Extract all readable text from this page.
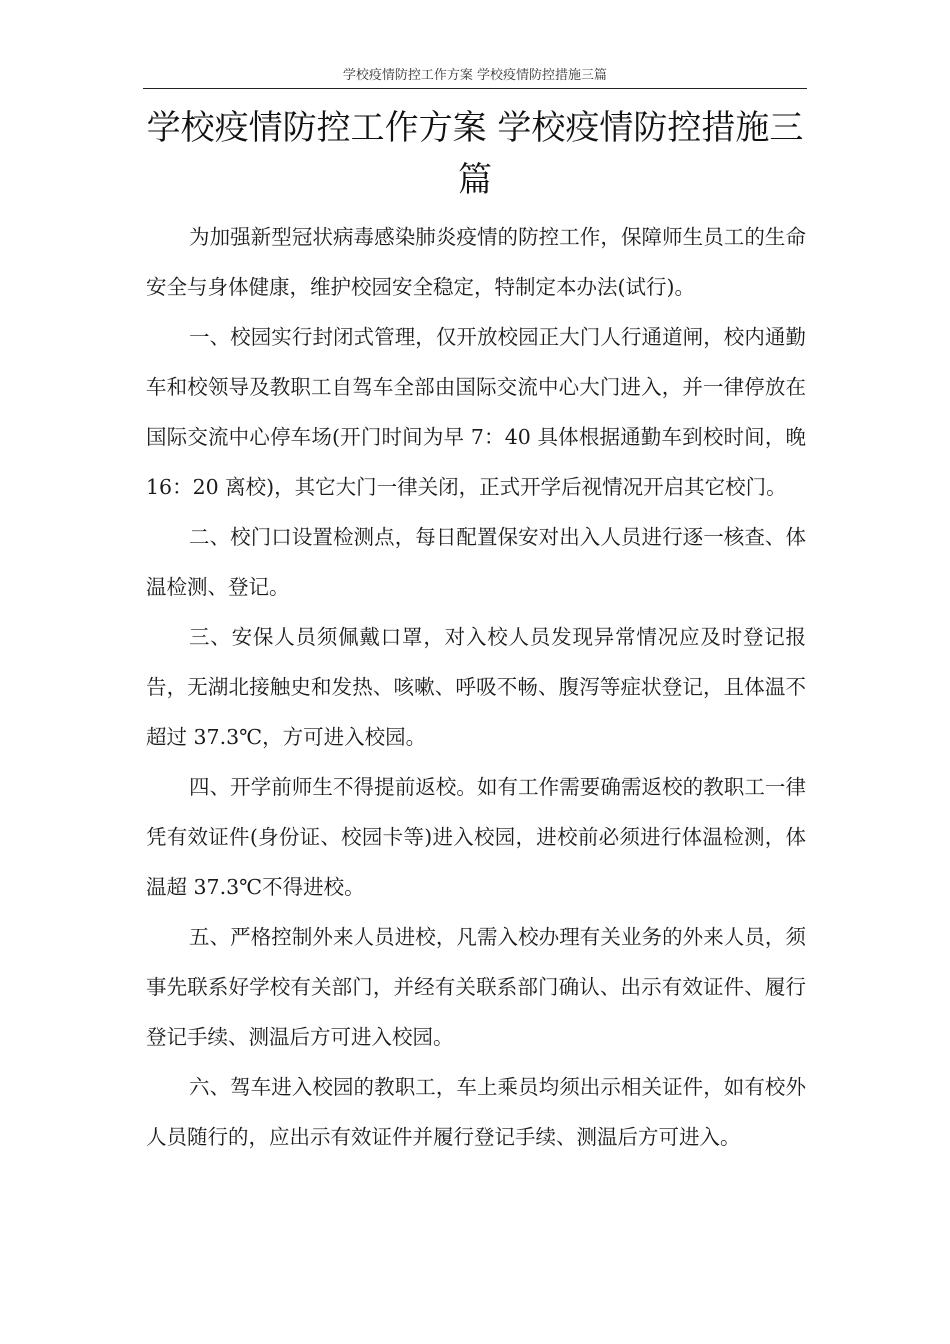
学校疫情防控工作方案 学校疫情防控措施三篇
学校疫情防控工作方案 学校疫情防控措施三篇

为加强新型冠状病毒感染肺炎疫情的防控工作，保障师生员工的生命安全与身体健康，维护校园安全稳定，特制定本办法(试行)。

一、校园实行封闭式管理，仅开放校园正大门人行通道闸，校内通勤车和校领导及教职工自驾车全部由国际交流中心大门进入，并一律停放在国际交流中心停车场(开门时间为早 7：40 具体根据通勤车到校时间，晚 16：20 离校)，其它大门一律关闭，正式开学后视情况开启其它校门。

二、校门口设置检测点，每日配置保安对出入人员进行逐一核查、体温检测、登记。

三、安保人员须佩戴口罩，对入校人员发现异常情况应及时登记报告，无湖北接触史和发热、咳嗽、呼吸不畅、腹泻等症状登记，且体温不超过 37.3℃，方可进入校园。

四、开学前师生不得提前返校。如有工作需要确需返校的教职工一律凭有效证件(身份证、校园卡等)进入校园，进校前必须进行体温检测，体温超 37.3℃不得进校。

五、严格控制外来人员进校，凡需入校办理有关业务的外来人员，须事先联系好学校有关部门，并经有关联系部门确认、出示有效证件、履行登记手续、测温后方可进入校园。

六、驾车进入校园的教职工，车上乘员均须出示相关证件，如有校外人员随行的，应出示有效证件并履行登记手续、测温后方可进入。
